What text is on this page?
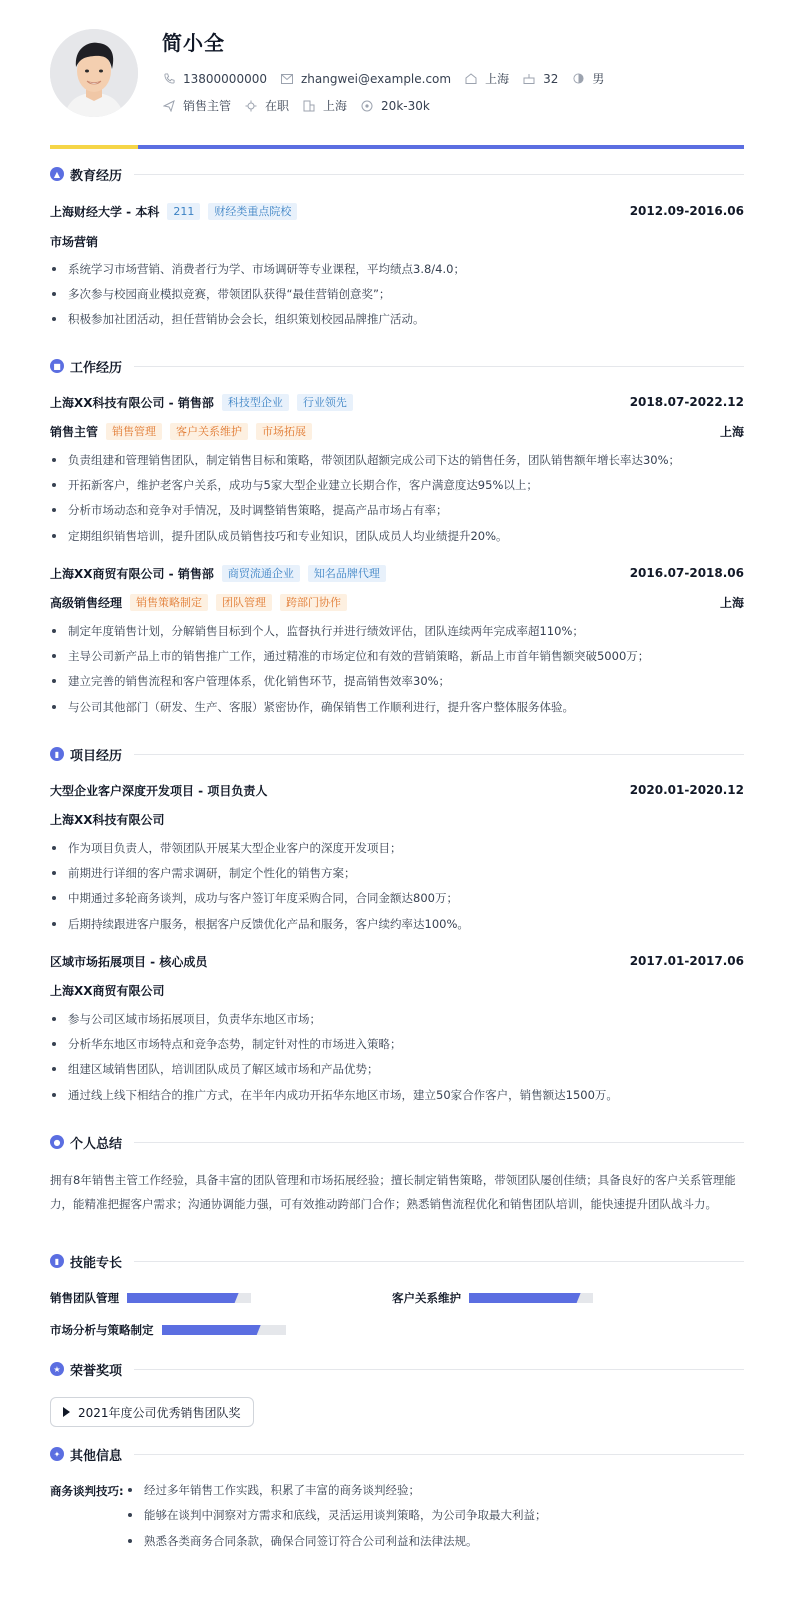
简小全
13800000000	zhangwei@example.com	上海	32	男
销售主管	在职	上海	20k-30k
▲ 教育经历
上海财经大学 - 本科	211	财经类重点院校	2012.09-2016.06
市场营销
系统学习市场营销、消费者行为学、市场调研等专业课程，平均绩点3.8/4.0；
多次参与校园商业模拟竞赛，带领团队获得“最佳营销创意奖”；
积极参加社团活动，担任营销协会会长，组织策划校园品牌推广活动。
■ 工作经历
上海XX科技有限公司 - 销售部	科技型企业	行业领先	2018.07-2022.12
销售主管	销售管理	客户关系维护	市场拓展	上海
负责组建和管理销售团队，制定销售目标和策略，带领团队超额完成公司下达的销售任务，团队销售额年增长率达30%；
开拓新客户，维护老客户关系，成功与5家大型企业建立长期合作，客户满意度达95%以上；
分析市场动态和竞争对手情况，及时调整销售策略，提高产品市场占有率；
定期组织销售培训，提升团队成员销售技巧和专业知识，团队成员人均业绩提升20%。
上海XX商贸有限公司 - 销售部	商贸流通企业	知名品牌代理	2016.07-2018.06
高级销售经理	销售策略制定	团队管理	跨部门协作	上海
制定年度销售计划，分解销售目标到个人，监督执行并进行绩效评估，团队连续两年完成率超110%；
主导公司新产品上市的销售推广工作，通过精准的市场定位和有效的营销策略，新品上市首年销售额突破5000万；
建立完善的销售流程和客户管理体系，优化销售环节，提高销售效率30%；
与公司其他部门（研发、生产、客服）紧密协作，确保销售工作顺利进行，提升客户整体服务体验。
▮ 项目经历
大型企业客户深度开发项目 - 项目负责人	2020.01-2020.12
上海XX科技有限公司
作为项目负责人，带领团队开展某大型企业客户的深度开发项目；
前期进行详细的客户需求调研，制定个性化的销售方案；
中期通过多轮商务谈判，成功与客户签订年度采购合同，合同金额达800万；
后期持续跟进客户服务，根据客户反馈优化产品和服务，客户续约率达100%。
区域市场拓展项目 - 核心成员	2017.01-2017.06
上海XX商贸有限公司
参与公司区域市场拓展项目，负责华东地区市场；
分析华东地区市场特点和竞争态势，制定针对性的市场进入策略；
组建区域销售团队，培训团队成员了解区域市场和产品优势；
通过线上线下相结合的推广方式，在半年内成功开拓华东地区市场，建立50家合作客户，销售额达1500万。
● 个人总结
拥有8年销售主管工作经验，具备丰富的团队管理和市场拓展经验；擅长制定销售策略，带领团队屡创佳绩；具备良好的客户关系管理能力，能精准把握客户需求；沟通协调能力强，可有效推动跨部门合作；熟悉销售流程优化和销售团队培训，能快速提升团队战斗力。
▮ 技能专长
销售团队管理	客户关系维护
市场分析与策略制定
★ 荣誉奖项
2021年度公司优秀销售团队奖
✦ 其他信息
商务谈判技巧: 经过多年销售工作实践，积累了丰富的商务谈判经验；
能够在谈判中洞察对方需求和底线，灵活运用谈判策略，为公司争取最大利益；
熟悉各类商务合同条款，确保合同签订符合公司利益和法律法规。
